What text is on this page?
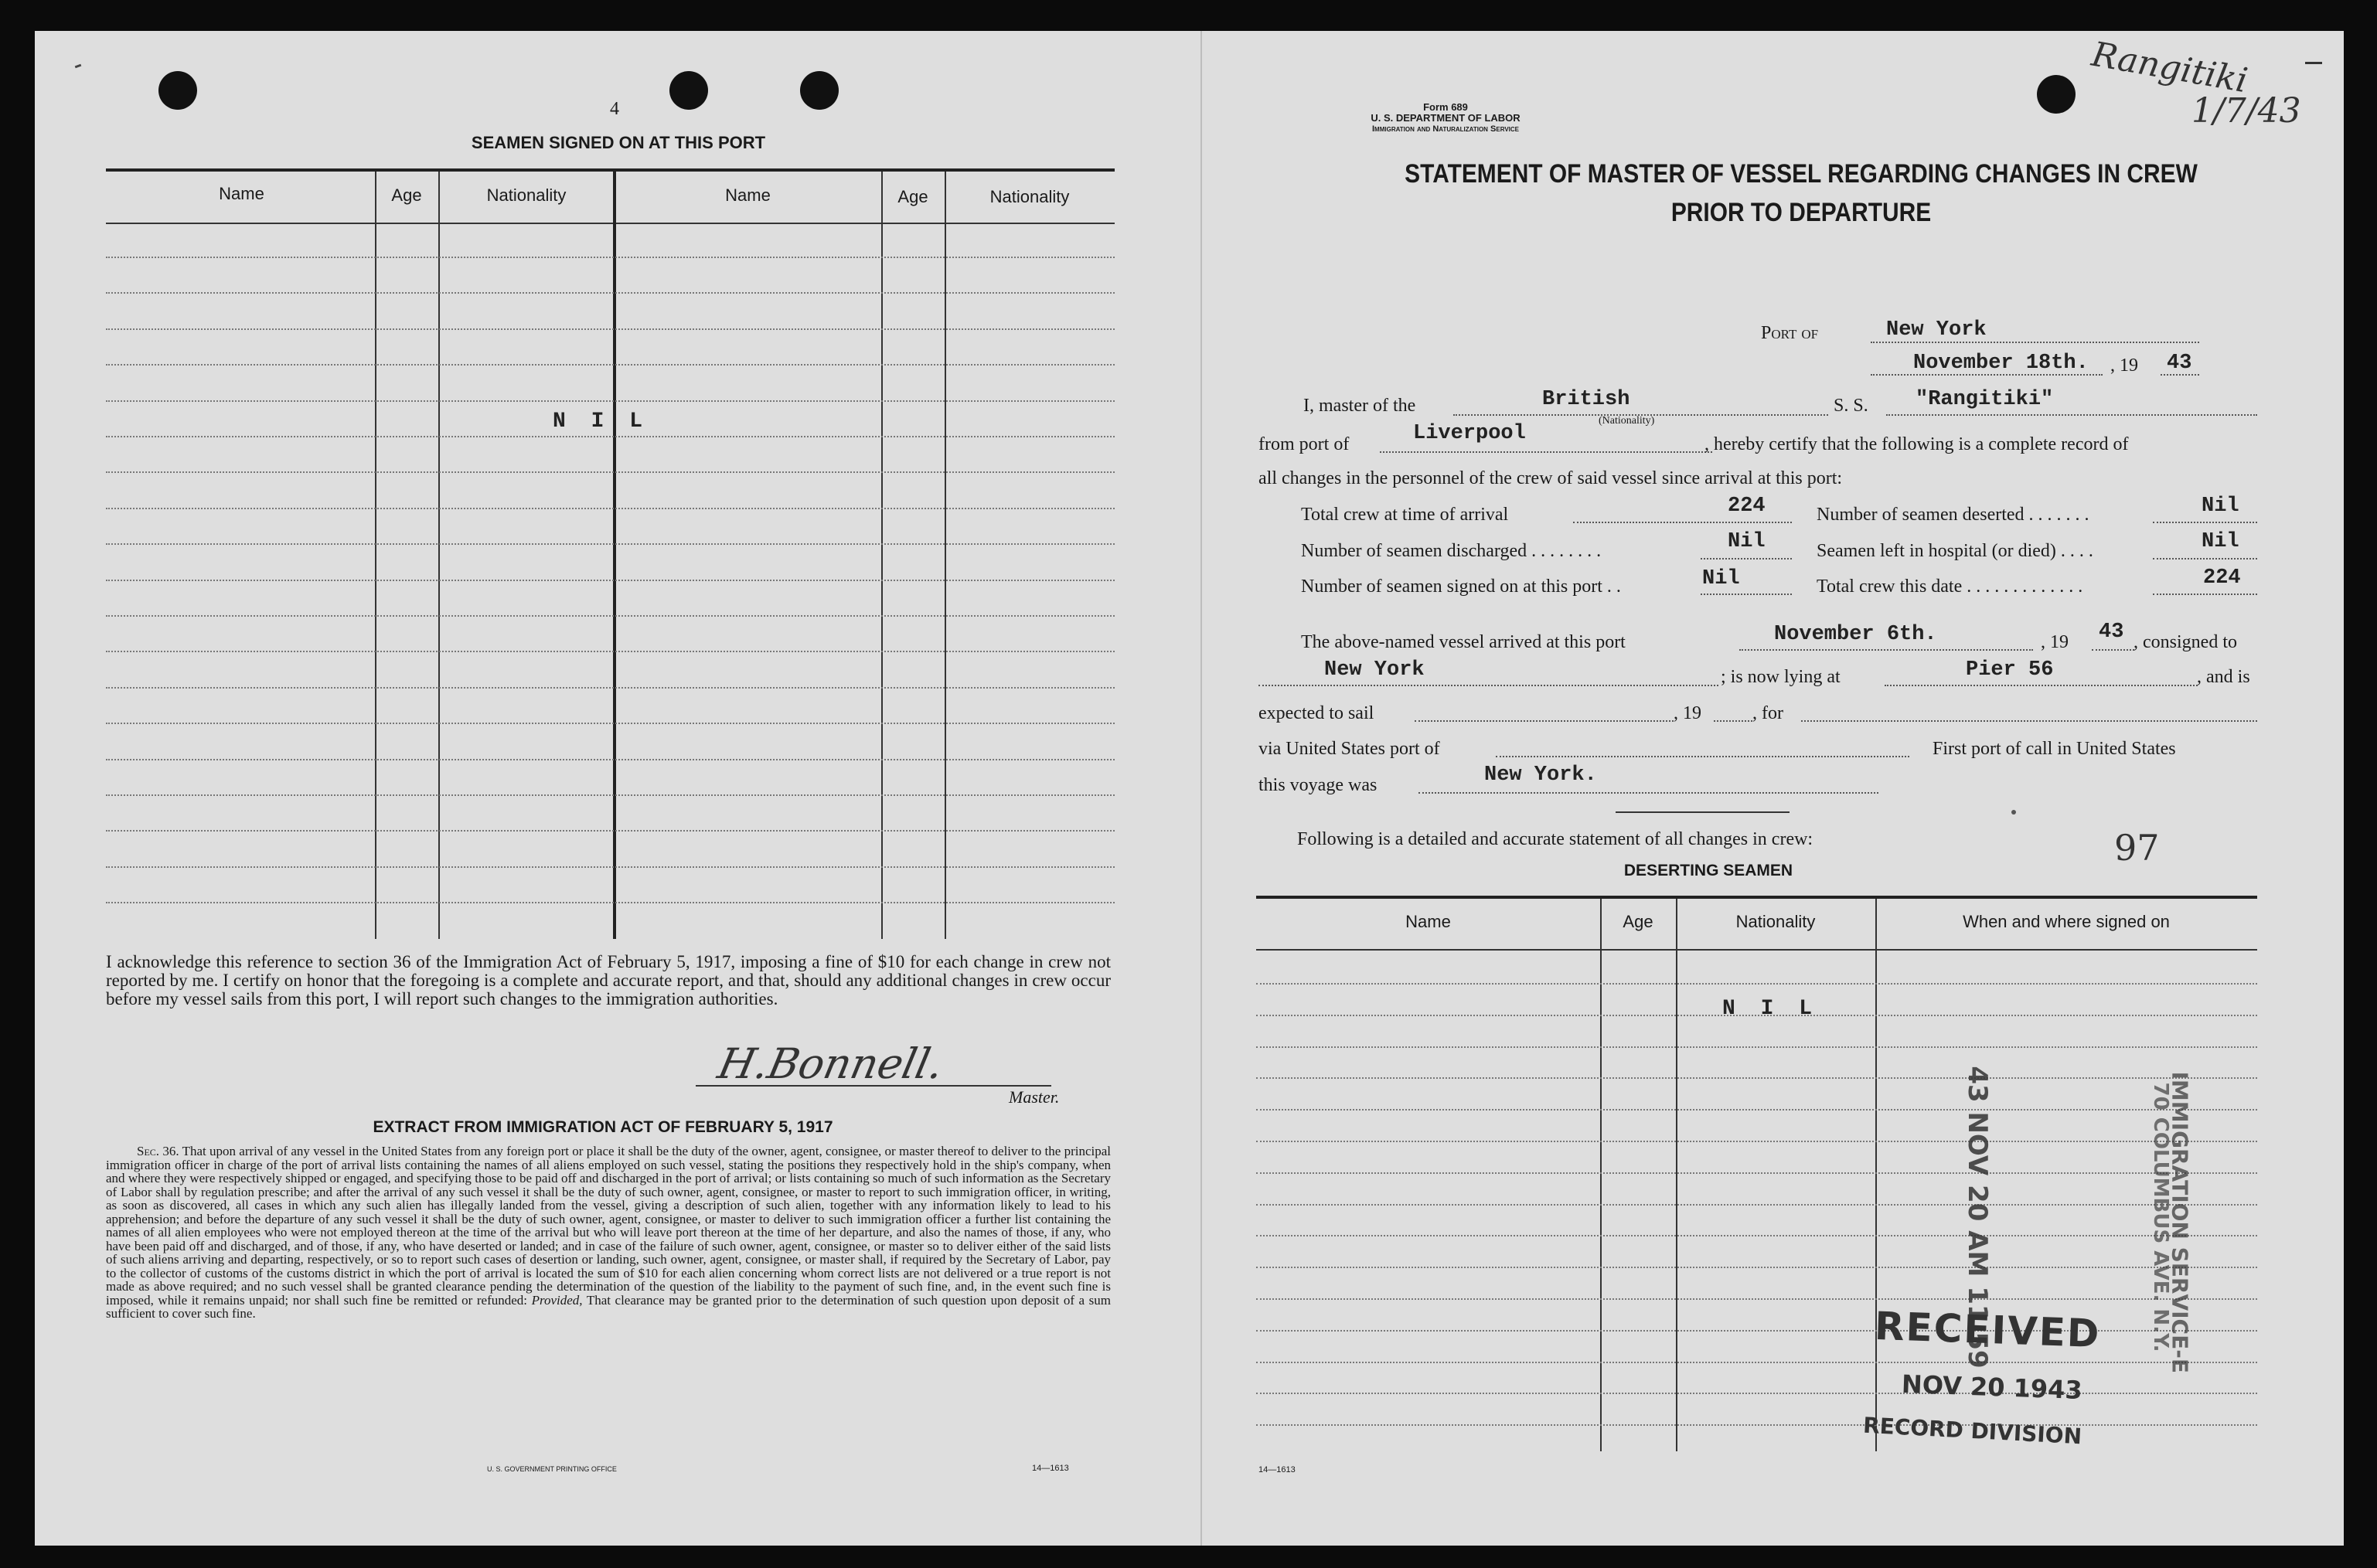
4
SEAMEN SIGNED ON AT THIS PORT
Name	Age	Nationality	Name	Age	Nationality
N I L
I acknowledge this reference to section 36 of the Immigration Act of February 5, 1917, imposing a fine of $10 for each change in crew not reported by me. I certify on honor that the foregoing is a complete and accurate report, and that, should any additional changes in crew occur before my vessel sails from this port, I will report such changes to the immigration authorities.
H.Bonnell.
Master.
EXTRACT FROM IMMIGRATION ACT OF FEBRUARY 5, 1917
Sec. 36. That upon arrival of any vessel in the United States from any foreign port or place it shall be the duty of the owner, agent, consignee, or master thereof to deliver to the principal immigration officer in charge of the port of arrival lists containing the names of all aliens employed on such vessel, stating the positions they respectively hold in the ship's company, when and where they were respectively shipped or engaged, and specifying those to be paid off and discharged in the port of arrival; or lists containing so much of such information as the Secretary of Labor shall by regulation prescribe; and after the arrival of any such vessel it shall be the duty of such owner, agent, consignee, or master to report to such immigration officer, in writing, as soon as discovered, all cases in which any such alien has illegally landed from the vessel, giving a description of such alien, together with any information likely to lead to his apprehension; and before the departure of any such vessel it shall be the duty of such owner, agent, consignee, or master to deliver to such immigration officer a further list containing the names of all alien employees who were not employed thereon at the time of the arrival but who will leave port thereon at the time of her departure, and also the names of those, if any, who have been paid off and discharged, and of those, if any, who have deserted or landed; and in case of the failure of such owner, agent, consignee, or master so to deliver either of the said lists of such aliens arriving and departing, respectively, or so to report such cases of desertion or landing, such owner, agent, consignee, or master shall, if required by the Secretary of Labor, pay to the collector of customs of the customs district in which the port of arrival is located the sum of $10 for each alien concerning whom correct lists are not delivered or a true report is not made as above required; and no such vessel shall be granted clearance pending the determination of the question of the liability to the payment of such fine, and, in the event such fine is imposed, while it remains unpaid; nor shall such fine be remitted or refunded: Provided, That clearance may be granted prior to the determination of such question upon deposit of a sum sufficient to cover such fine.
U. S. GOVERNMENT PRINTING OFFICE	14—1613
Rangitiki
1/7/43
Form 689
U. S. DEPARTMENT OF LABOR
Immigration and Naturalization Service
STATEMENT OF MASTER OF VESSEL REGARDING CHANGES IN CREW
PRIOR TO DEPARTURE
Port of	New York
November 18th. , 19 43
I, master of the	British
(Nationality)
S. S. "Rangitiki"
from port of	Liverpool	, hereby certify that the following is a complete record of
all changes in the personnel of the crew of said vessel since arrival at this port:
Total crew at time of arrival	224
Number of seamen discharged . . . . . . . .	Nil
Number of seamen signed on at this port . .	Nil
Number of seamen deserted . . . . . . .	Nil
Seamen left in hospital (or died) . . . .	Nil
Total crew this date . . . . . . . . . . . . .	224
The above-named vessel arrived at this port	November 6th.	, 19 43 , consigned to
New York	; is now lying at	Pier 56	, and is
expected to sail	, 19	, for
via United States port of	First port of call in United States
this voyage was	New York.
Following is a detailed and accurate statement of all changes in crew:	97
DESERTING SEAMEN
Name	Age	Nationality	When and where signed on
N I L
43 NOV 20 AM 11 59	IMMIGRATION SERVICE-E
70 COLUMBUS AVE. N.Y.
RECEIVED
NOV 20 1943
RECORD DIVISION
14—1613
